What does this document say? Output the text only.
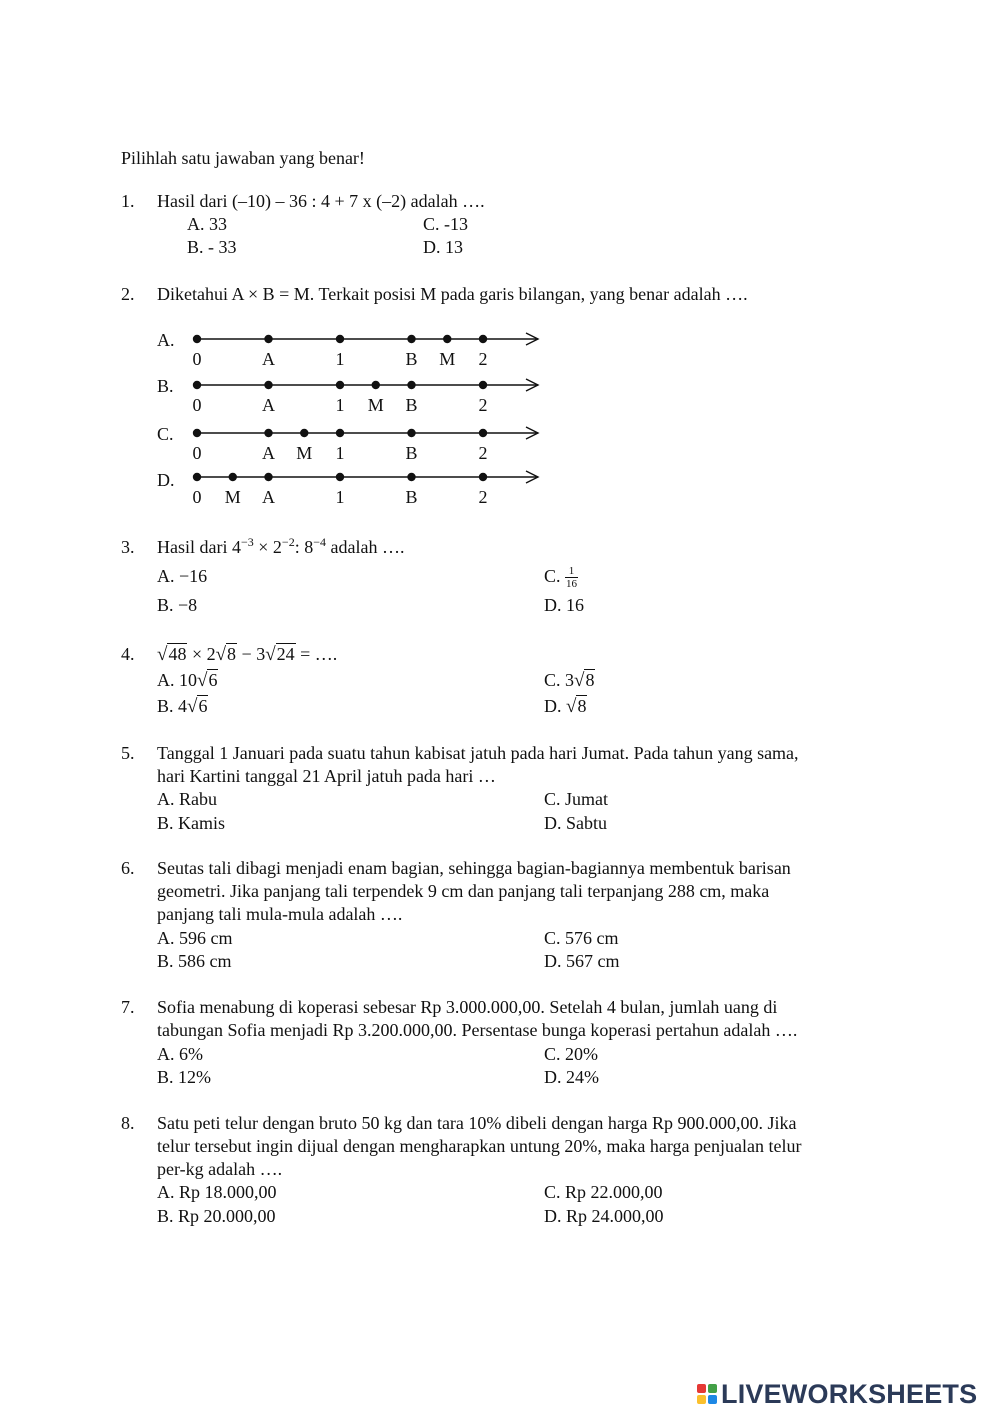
Pilihlah satu jawaban yang benar!
1. Hasil dari (–10) – 36 : 4 + 7 x (–2) adalah ….
A. 33
B. - 33
C. -13
D. 13
2. Diketahui A × B = M. Terkait posisi M pada garis bilangan, yang benar adalah ….
A.
0	A	1	B M 2
B.
0	A	1 M B	2
C.
0	A M 1	B	2
D.
0 M A	1	B	2
3. Hasil dari $4^{-3} \times 2^{-2}$: $8^{-4}$ adalah ….
A. −16
B. −8
C. $\frac{1}{16}$
D. 16
4. √48 × 2√8 − 3√24 = ….
A. 10√6
B. 4√6
C. 3√8
D. √8
5. Tanggal 1 Januari pada suatu tahun kabisat jatuh pada hari Jumat. Pada tahun yang sama,
hari Kartini tanggal 21 April jatuh pada hari …
A. Rabu
B. Kamis
C. Jumat
D. Sabtu
6. Seutas tali dibagi menjadi enam bagian, sehingga bagian-bagiannya membentuk barisan
geometri. Jika panjang tali terpendek 9 cm dan panjang tali terpanjang 288 cm, maka
panjang tali mula-mula adalah ….
A. 596 cm
B. 586 cm
C. 576 cm
D. 567 cm
7. Sofia menabung di koperasi sebesar Rp 3.000.000,00. Setelah 4 bulan, jumlah uang di
tabungan Sofia menjadi Rp 3.200.000,00. Persentase bunga koperasi pertahun adalah ….
A. 6%
B. 12%
C. 20%
D. 24%
8. Satu peti telur dengan bruto 50 kg dan tara 10% dibeli dengan harga Rp 900.000,00. Jika
telur tersebut ingin dijual dengan mengharapkan untung 20%, maka harga penjualan telur
per-kg adalah ….
A. Rp 18.000,00
B. Rp 20.000,00
C. Rp 22.000,00
D. Rp 24.000,00
LIVEWORKSHEETS
